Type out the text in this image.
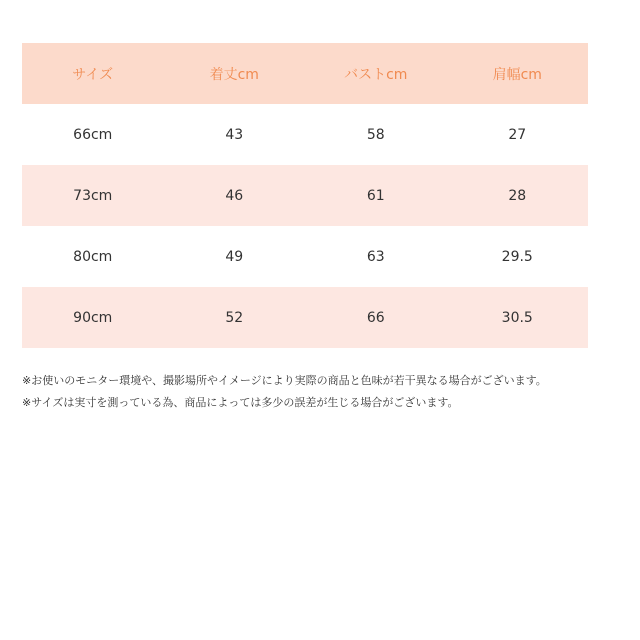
サイズ	着丈cm	バストcm	肩幅cm
66cm	43	58	27
73cm	46	61	28
80cm	49	63	29.5
90cm	52	66	30.5
※お使いのモニター環境や、撮影場所やイメージにより実際の商品と色味が若干異なる場合がございます。
※サイズは実寸を測っている為、商品によっては多少の誤差が生じる場合がございます。
